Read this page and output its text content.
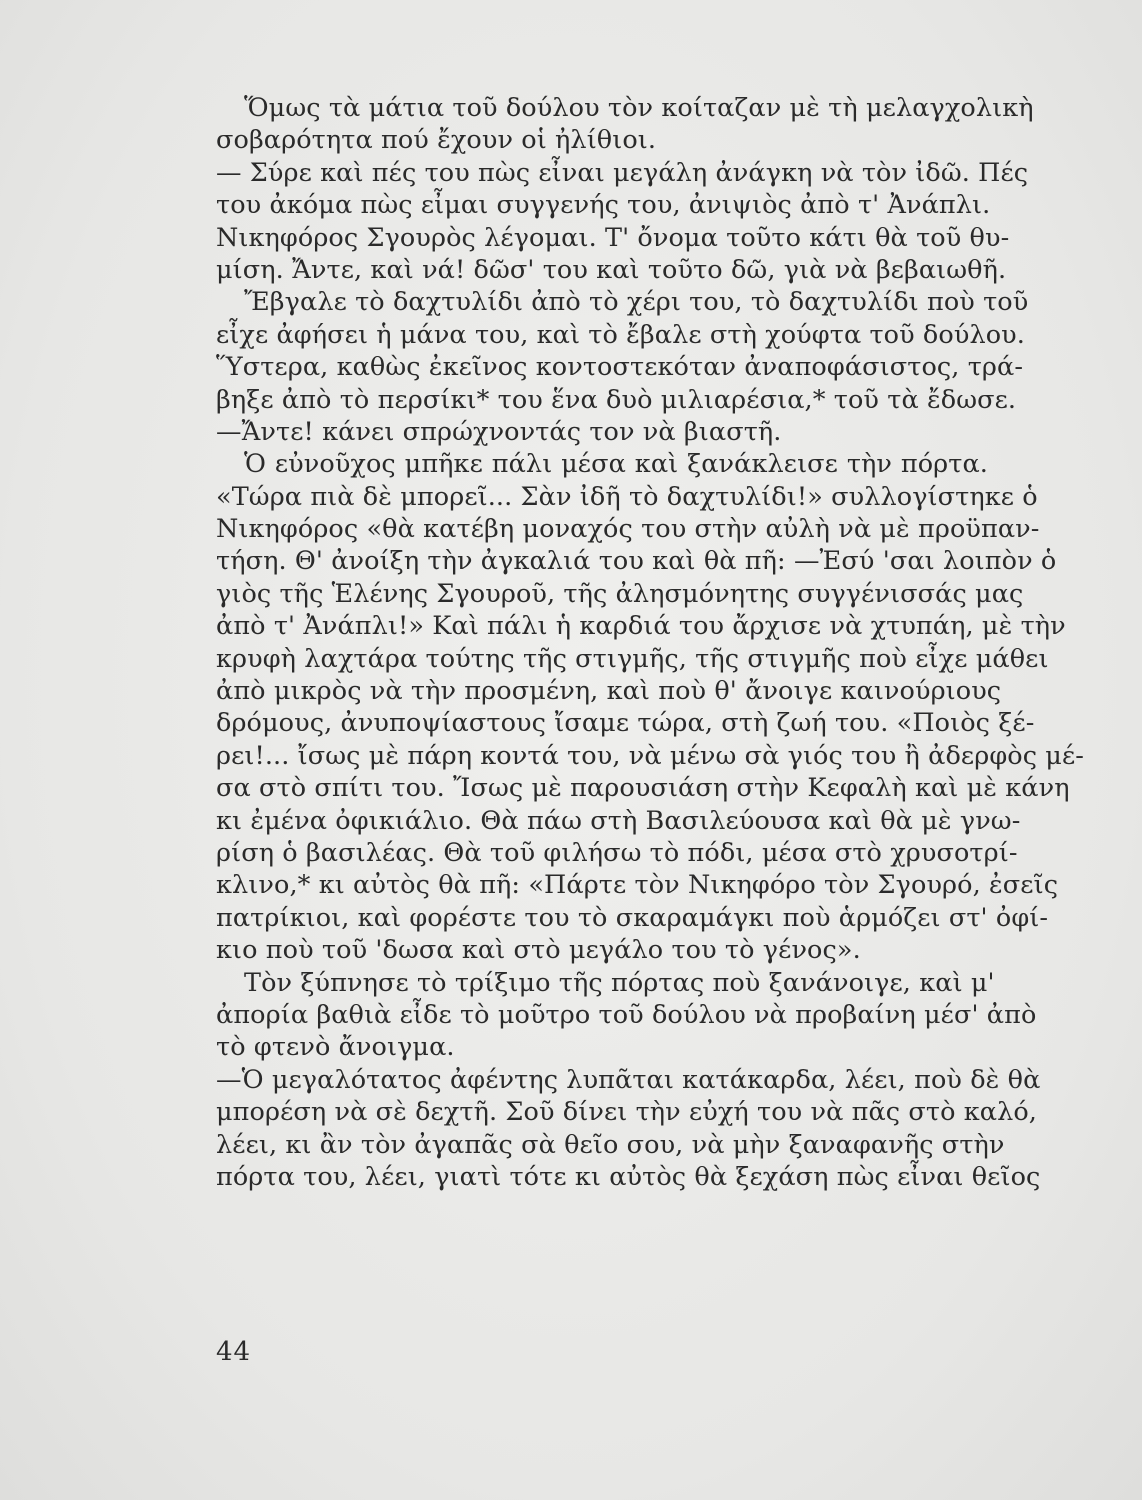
Ὅμως τὰ μάτια τοῦ δούλου τὸν κοίταζαν μὲ τὴ μελαγχολικὴ
σοβαρότητα πού ἔχουν οἱ ἠλίθιοι.
— Σύρε καὶ πές του πὼς εἶναι μεγάλη ἀνάγκη νὰ τὸν ἰδῶ. Πές
του ἀκόμα πὼς εἶμαι συγγενής του, ἀνιψιὸς ἀπὸ τ' Ἀνάπλι.
Νικηφόρος Σγουρὸς λέγομαι. Τ' ὄνομα τοῦτο κάτι θὰ τοῦ θυ-
μίση. Ἄντε, καὶ νά! δῶσ' του καὶ τοῦτο δῶ, γιὰ νὰ βεβαιωθῆ.
Ἔβγαλε τὸ δαχτυλίδι ἀπὸ τὸ χέρι του, τὸ δαχτυλίδι ποὺ τοῦ
εἶχε ἀφήσει ἡ μάνα του, καὶ τὸ ἔβαλε στὴ χούφτα τοῦ δούλου.
Ὕστερα, καθὼς ἐκεῖνος κοντοστεκόταν ἀναποφάσιστος, τρά-
βηξε ἀπὸ τὸ περσίκι* του ἕνα δυὸ μιλιαρέσια,* τοῦ τὰ ἔδωσε.
—Ἄντε! κάνει σπρώχνοντάς τον νὰ βιαστῆ.
Ὁ εὐνοῦχος μπῆκε πάλι μέσα καὶ ξανάκλεισε τὴν πόρτα.
«Τώρα πιὰ δὲ μπορεῖ... Σὰν ἰδῆ τὸ δαχτυλίδι!» συλλογίστηκε ὁ
Νικηφόρος «θὰ κατέβη μοναχός του στὴν αὐλὴ νὰ μὲ προϋπαν-
τήση. Θ' ἀνοίξη τὴν ἀγκαλιά του καὶ θὰ πῆ: —Ἐσύ 'σαι λοιπὸν ὁ
γιὸς τῆς Ἑλένης Σγουροῦ, τῆς ἀλησμόνητης συγγένισσάς μας
ἀπὸ τ' Ἀνάπλι!» Καὶ πάλι ἡ καρδιά του ἄρχισε νὰ χτυπάη, μὲ τὴν
κρυφὴ λαχτάρα τούτης τῆς στιγμῆς, τῆς στιγμῆς ποὺ εἶχε μάθει
ἀπὸ μικρὸς νὰ τὴν προσμένη, καὶ ποὺ θ' ἄνοιγε καινούριους
δρόμους, ἀνυποψίαστους ἴσαμε τώρα, στὴ ζωή του. «Ποιὸς ξέ-
ρει!... ἴσως μὲ πάρη κοντά του, νὰ μένω σὰ γιός του ἢ ἀδερφὸς μέ-
σα στὸ σπίτι του. Ἴσως μὲ παρουσιάση στὴν Κεφαλὴ καὶ μὲ κάνη
κι ἐμένα ὀφικιάλιο. Θὰ πάω στὴ Βασιλεύουσα καὶ θὰ μὲ γνω-
ρίση ὁ βασιλέας. Θὰ τοῦ φιλήσω τὸ πόδι, μέσα στὸ χρυσοτρί-
κλινο,* κι αὐτὸς θὰ πῆ: «Πάρτε τὸν Νικηφόρο τὸν Σγουρό, ἐσεῖς
πατρίκιοι, καὶ φορέστε του τὸ σκαραμάγκι ποὺ ἁρμόζει στ' ὀφί-
κιο ποὺ τοῦ 'δωσα καὶ στὸ μεγάλο του τὸ γένος».
Τὸν ξύπνησε τὸ τρίξιμο τῆς πόρτας ποὺ ξανάνοιγε, καὶ μ'
ἀπορία βαθιὰ εἶδε τὸ μοῦτρο τοῦ δούλου νὰ προβαίνη μέσ' ἀπὸ
τὸ φτενὸ ἄνοιγμα.
—Ὁ μεγαλότατος ἀφέντης λυπᾶται κατάκαρδα, λέει, ποὺ δὲ θὰ
μπορέση νὰ σὲ δεχτῆ. Σοῦ δίνει τὴν εὐχή του νὰ πᾶς στὸ καλό,
λέει, κι ἂν τὸν ἀγαπᾶς σὰ θεῖο σου, νὰ μὴν ξαναφανῆς στὴν
πόρτα του, λέει, γιατὶ τότε κι αὐτὸς θὰ ξεχάση πὼς εἶναι θεῖος
44
